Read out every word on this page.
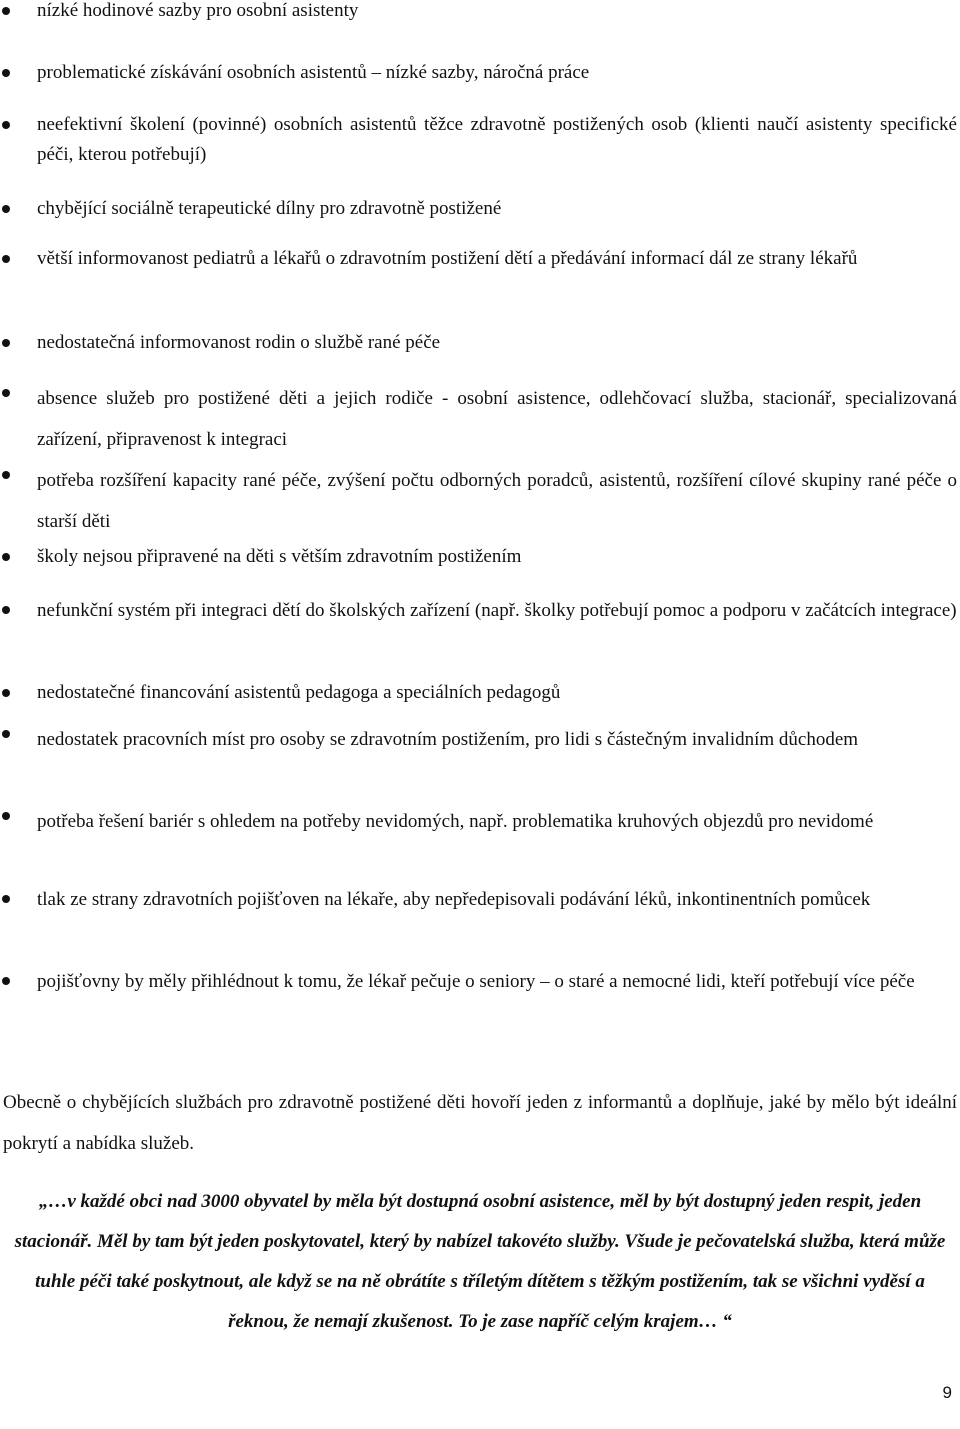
nízké hodinové sazby pro osobní asistenty

problematické získávání osobních asistentů – nízké sazby, náročná práce

neefektivní školení (povinné) osobních asistentů těžce zdravotně postižených osob (klienti naučí asistenty specifické péči, kterou potřebují)

chybějící sociálně terapeutické dílny pro zdravotně postižené

větší informovanost pediatrů a lékařů o zdravotním postižení dětí a předávání informací dál ze strany lékařů

nedostatečná informovanost rodin o službě rané péče

absence služeb pro postižené děti a jejich rodiče - osobní asistence, odlehčovací služba, stacionář, specializovaná zařízení, připravenost k integraci

potřeba rozšíření kapacity rané péče, zvýšení počtu odborných poradců, asistentů, rozšíření cílové skupiny rané péče o starší děti

školy nejsou připravené na děti s větším zdravotním postižením

nefunkční systém při integraci dětí do školských zařízení (např. školky potřebují pomoc a podporu v začátcích integrace)

nedostatečné financování asistentů pedagoga a speciálních pedagogů

nedostatek pracovních míst pro osoby se zdravotním postižením, pro lidi s částečným invalidním důchodem

potřeba řešení bariér s ohledem na potřeby nevidomých, např. problematika kruhových objezdů pro nevidomé

tlak ze strany zdravotních pojišťoven na lékaře, aby nepředepisovali podávání léků, inkontinentních pomůcek

pojišťovny by měly přihlédnout k tomu, že lékař pečuje o seniory – o staré a nemocné lidi, kteří potřebují více péče

Obecně o chybějících službách pro zdravotně postižené děti hovoří jeden z informantů a doplňuje, jaké by mělo být ideální pokrytí a nabídka služeb.

„…v každé obci nad 3000 obyvatel by měla být dostupná osobní asistence, měl by být dostupný jeden respit, jeden stacionář. Měl by tam být jeden poskytovatel, který by nabízel takovéto služby. Všude je pečovatelská služba, která může tuhle péči také poskytnout, ale když se na ně obrátíte s tříletým dítětem s těžkým postižením, tak se všichni vyděsí a řeknou, že nemají zkušenost. To je zase napříč celým krajem… “

9
